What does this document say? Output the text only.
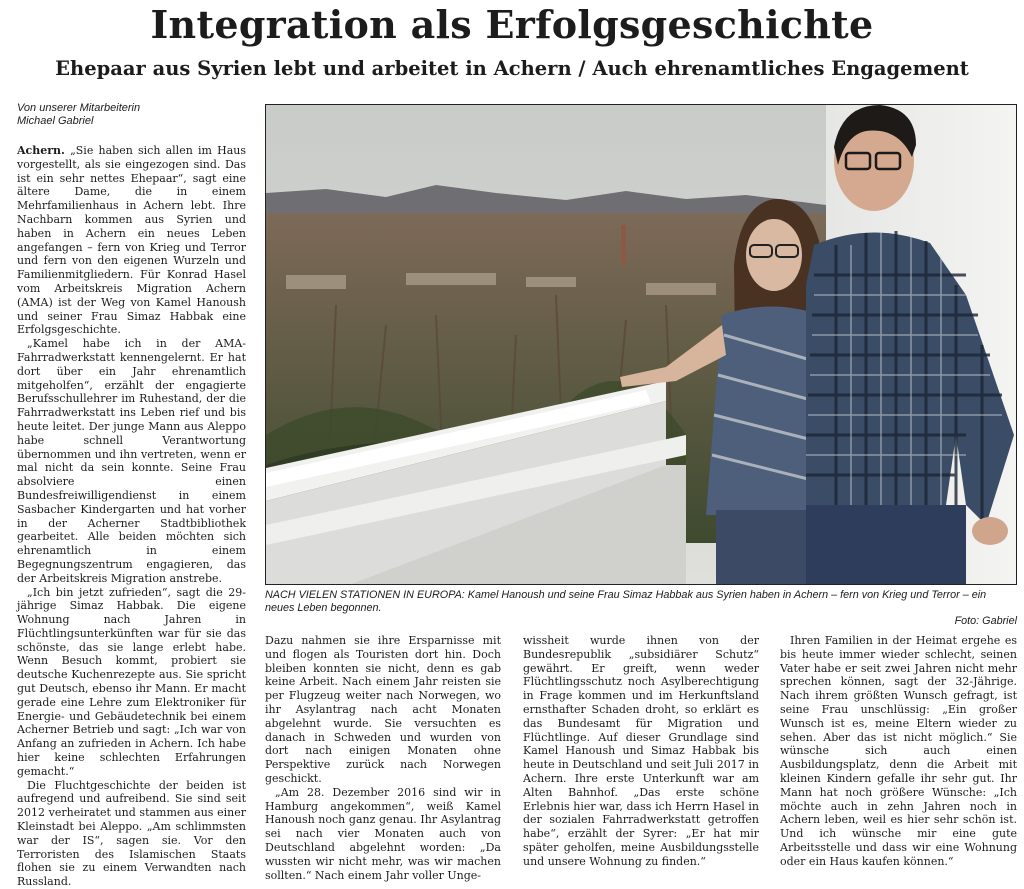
Integration als Erfolgsgeschichte
Ehepaar aus Syrien lebt und arbeitet in Achern / Auch ehrenamtliches Engagement
Von unserer Mitarbeiterin
Michael Gabriel

Achern. „Sie haben sich allen im Haus vorgestellt, als sie eingezogen sind. Das ist ein sehr nettes Ehepaar“, sagt eine ältere Dame, die in einem Mehrfamilienhaus in Achern lebt. Ihre Nachbarn kommen aus Syrien und haben in Achern ein neues Leben angefangen – fern von Krieg und Terror und fern von den eigenen Wurzeln und Familienmitgliedern. Für Konrad Hasel vom Arbeitskreis Migration Achern (AMA) ist der Weg von Kamel Hanoush und seiner Frau Simaz Habbak eine Erfolgsgeschichte.

„Kamel habe ich in der AMA-Fahrradwerkstatt kennengelernt. Er hat dort über ein Jahr ehrenamtlich mitgeholfen“, erzählt der engagierte Berufsschullehrer im Ruhestand, der die Fahrradwerkstatt ins Leben rief und bis heute leitet. Der junge Mann aus Aleppo habe schnell Verantwortung übernommen und ihn vertreten, wenn er mal nicht da sein konnte. Seine Frau absolviere einen Bundesfreiwilligendienst in einem Sasbacher Kindergarten und hat vorher in der Acherner Stadtbibliothek gearbeitet. Alle beiden möchten sich ehrenamtlich in einem Begegnungszentrum engagieren, das der Arbeitskreis Migration anstrebe.

„Ich bin jetzt zufrieden“, sagt die 29-jährige Simaz Habbak. Die eigene Wohnung nach Jahren in Flüchtlingsunterkünften war für sie das schönste, das sie lange erlebt habe. Wenn Besuch kommt, probiert sie deutsche Kuchenrezepte aus. Sie spricht gut Deutsch, ebenso ihr Mann. Er macht gerade eine Lehre zum Elektroniker für Energie- und Gebäudetechnik bei einem Acherner Betrieb und sagt: „Ich war von Anfang an zufrieden in Achern. Ich habe hier keine schlechten Erfahrungen gemacht.“

Die Fluchtgeschichte der beiden ist aufregend und aufreibend. Sie sind seit 2012 verheiratet und stammen aus einer Kleinstadt bei Aleppo. „Am schlimmsten war der IS“, sagen sie. Vor den Terroristen des Islamischen Staats flohen sie zu einem Verwandten nach Russland.

NACH VIELEN STATIONEN IN EUROPA: Kamel Hanoush und seine Frau Simaz Habbak aus Syrien haben in Achern – fern von Krieg und Terror – ein neues Leben begonnen.
Foto: Gabriel

Dazu nahmen sie ihre Ersparnisse mit und flogen als Touristen dort hin. Doch bleiben konnten sie nicht, denn es gab keine Arbeit. Nach einem Jahr reisten sie per Flugzeug weiter nach Norwegen, wo ihr Asylantrag nach acht Monaten abgelehnt wurde. Sie versuchten es danach in Schweden und wurden von dort nach einigen Monaten ohne Perspektive zurück nach Norwegen geschickt.

„Am 28. Dezember 2016 sind wir in Hamburg angekommen“, weiß Kamel Hanoush noch ganz genau. Ihr Asylantrag sei nach vier Monaten auch von Deutschland abgelehnt worden: „Da wussten wir nicht mehr, was wir machen sollten.“ Nach einem Jahr voller Unge-

wissheit wurde ihnen von der Bundesrepublik „subsidiärer Schutz“ gewährt. Er greift, wenn weder Flüchtlingsschutz noch Asylberechtigung in Frage kommen und im Herkunftsland ernsthafter Schaden droht, so erklärt es das Bundesamt für Migration und Flüchtlinge. Auf dieser Grundlage sind Kamel Hanoush und Simaz Habbak bis heute in Deutschland und seit Juli 2017 in Achern. Ihre erste Unterkunft war am Alten Bahnhof. „Das erste schöne Erlebnis hier war, dass ich Herrn Hasel in der sozialen Fahrradwerkstatt getroffen habe“, erzählt der Syrer: „Er hat mir später geholfen, meine Ausbildungsstelle und unsere Wohnung zu finden.“

Ihren Familien in der Heimat ergehe es bis heute immer wieder schlecht, seinen Vater habe er seit zwei Jahren nicht mehr sprechen können, sagt der 32-Jährige. Nach ihrem größten Wunsch gefragt, ist seine Frau unschlüssig: „Ein großer Wunsch ist es, meine Eltern wieder zu sehen. Aber das ist nicht möglich.“ Sie wünsche sich auch einen Ausbildungsplatz, denn die Arbeit mit kleinen Kindern gefalle ihr sehr gut. Ihr Mann hat noch größere Wünsche: „Ich möchte auch in zehn Jahren noch in Achern leben, weil es hier sehr schön ist. Und ich wünsche mir eine gute Arbeitsstelle und dass wir eine Wohnung oder ein Haus kaufen können.“
